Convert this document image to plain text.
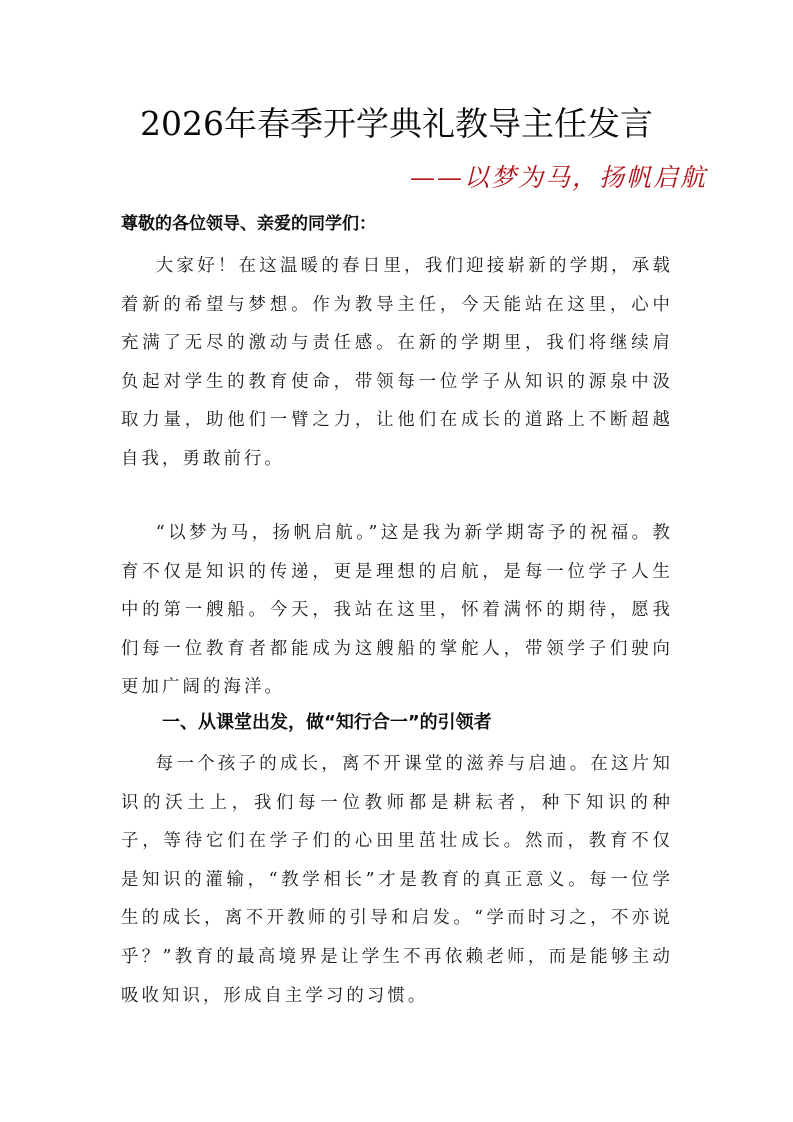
2026年春季开学典礼教导主任发言

——以梦为马，扬帆启航

尊敬的各位领导、亲爱的同学们：

大家好！在这温暖的春日里，我们迎接崭新的学期，承载着新的希望与梦想。作为教导主任，今天能站在这里，心中充满了无尽的激动与责任感。在新的学期里，我们将继续肩负起对学生的教育使命，带领每一位学子从知识的源泉中汲取力量，助他们一臂之力，让他们在成长的道路上不断超越自我，勇敢前行。

“以梦为马，扬帆启航。”这是我为新学期寄予的祝福。教育不仅是知识的传递，更是理想的启航，是每一位学子人生中的第一艘船。今天，我站在这里，怀着满怀的期待，愿我们每一位教育者都能成为这艘船的掌舵人，带领学子们驶向更加广阔的海洋。

一、从课堂出发，做“知行合一”的引领者

每一个孩子的成长，离不开课堂的滋养与启迪。在这片知识的沃土上，我们每一位教师都是耕耘者，种下知识的种子，等待它们在学子们的心田里茁壮成长。然而，教育不仅是知识的灌输，“教学相长”才是教育的真正意义。每一位学生的成长，离不开教师的引导和启发。“学而时习之，不亦说乎？”教育的最高境界是让学生不再依赖老师，而是能够主动吸收知识，形成自主学习的习惯。
